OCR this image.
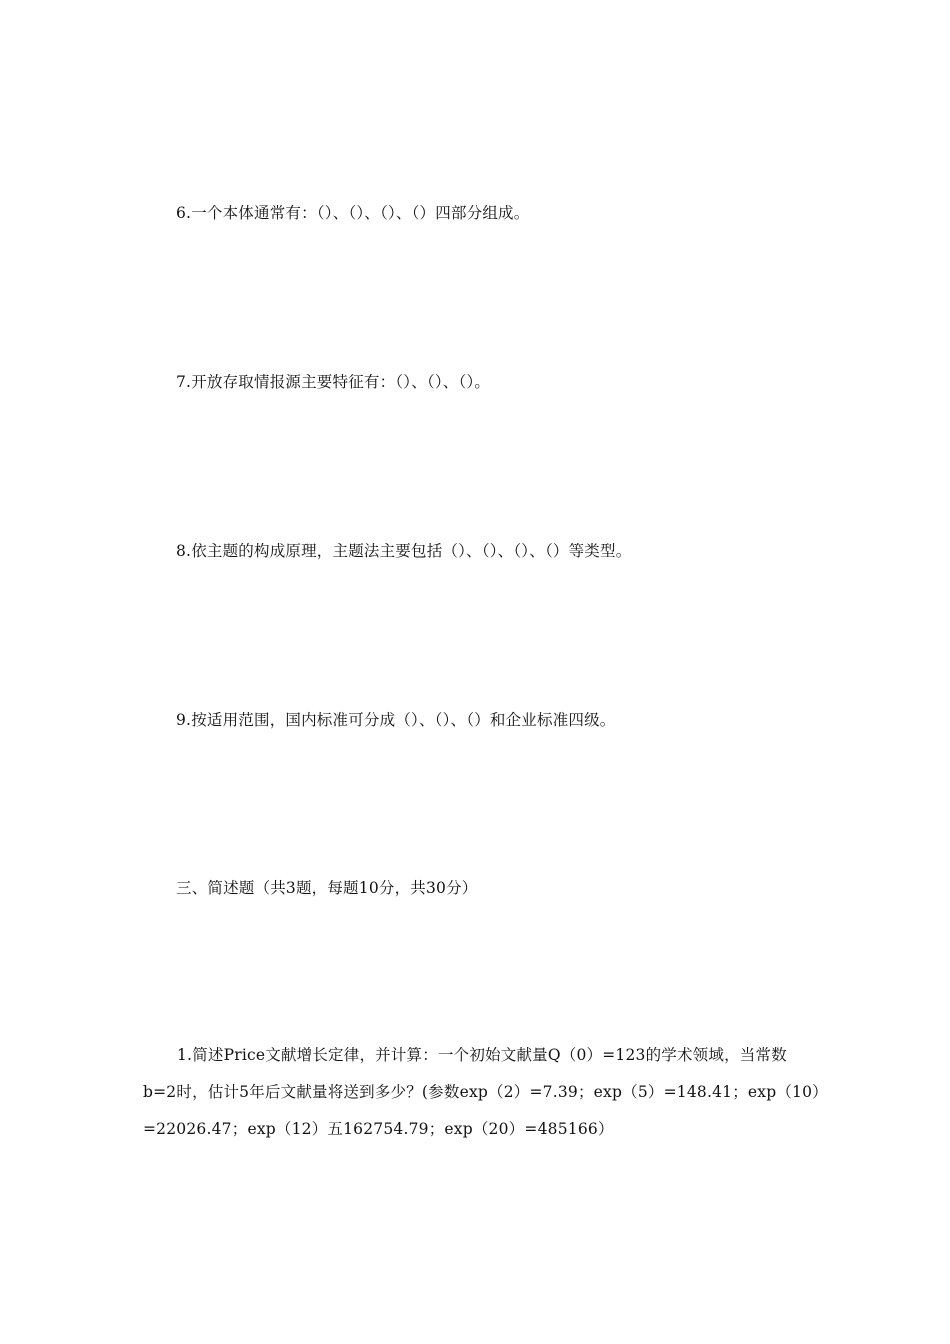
6.一个本体通常有：（）、（）、（）、（）四部分组成。
7.开放存取情报源主要特征有：（）、（）、（）。
8.依主题的构成原理，主题法主要包括（）、（）、（）、（）等类型。
9.按适用范围，国内标准可分成（）、（）、（）和企业标准四级。
三、简述题（共3题，每题10分，共30分）
1.简述Price文献增长定律，并计算：一个初始文献量Q（0）=123的学术领域，当常数
b=2时，估计5年后文献量将送到多少？(参数exp（2）=7.39；exp（5）=148.41；exp（10）
=22026.47；exp（12）五162754.79；exp（20）=485166）
